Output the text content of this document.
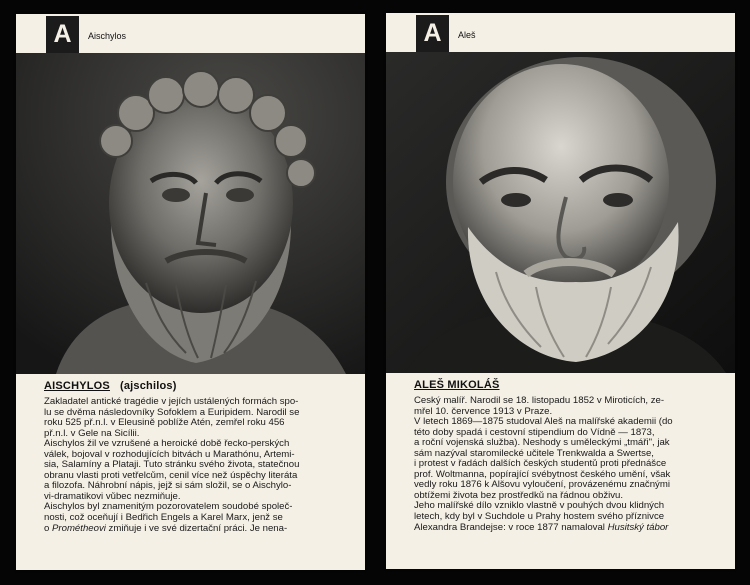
A	Aischylos
AISCHYLOS (ajschilos)
Zakladatel antické tragédie v jejích ustálených formách spo-
lu se dvěma následovníky Sofoklem a Euripidem. Narodil se
roku 525 př.n.l. v Eleusině poblíže Atén, zemřel roku 456
př.n.l. v Gele na Sicílii.
Aischylos žil ve vzrušené a heroické době řecko-perských
válek, bojoval v rozhodujících bitvách u Marathónu, Artemi-
sia, Salamíny a Plataji. Tuto stránku svého života, statečnou
obranu vlasti proti vetřelcům, cenil více než úspěchy literáta
a filozofa. Náhrobní nápis, jejž si sám složil, se o Aischylo-
vi-dramatikovi vůbec nezmiňuje.
Aischylos byl znamenitým pozorovatelem soudobé společ-
nosti, což oceňují i Bedřich Engels a Karel Marx, jenž se
o Prométheovi zmiňuje i ve své dizertační práci. Je nena-
A	Aleš
ALEŠ MIKOLÁŠ
Český malíř. Narodil se 18. listopadu 1852 v Miroticích, ze-
mřel 10. července 1913 v Praze.
V letech 1869—1875 studoval Aleš na malířské akademii (do
této doby spadá i cestovní stipendium do Vídně — 1873,
a roční vojenská služba). Neshody s uměleckými „tmáři", jak
sám nazýval staromilecké učitele Trenkwalda a Swertse,
i protest v řadách dalších českých studentů proti přednášce
prof. Woltmanna, popírající svébytnost českého umění, však
vedly roku 1876 k Alšovu vyloučení, provázenému značnými
obtížemi života bez prostředků na řádnou obživu.
Jeho malířské dílo vzniklo vlastně v pouhých dvou klidných
letech, kdy byl v Suchdole u Prahy hostem svého příznivce
Alexandra Brandejse: v roce 1877 namaloval Husitský tábor
